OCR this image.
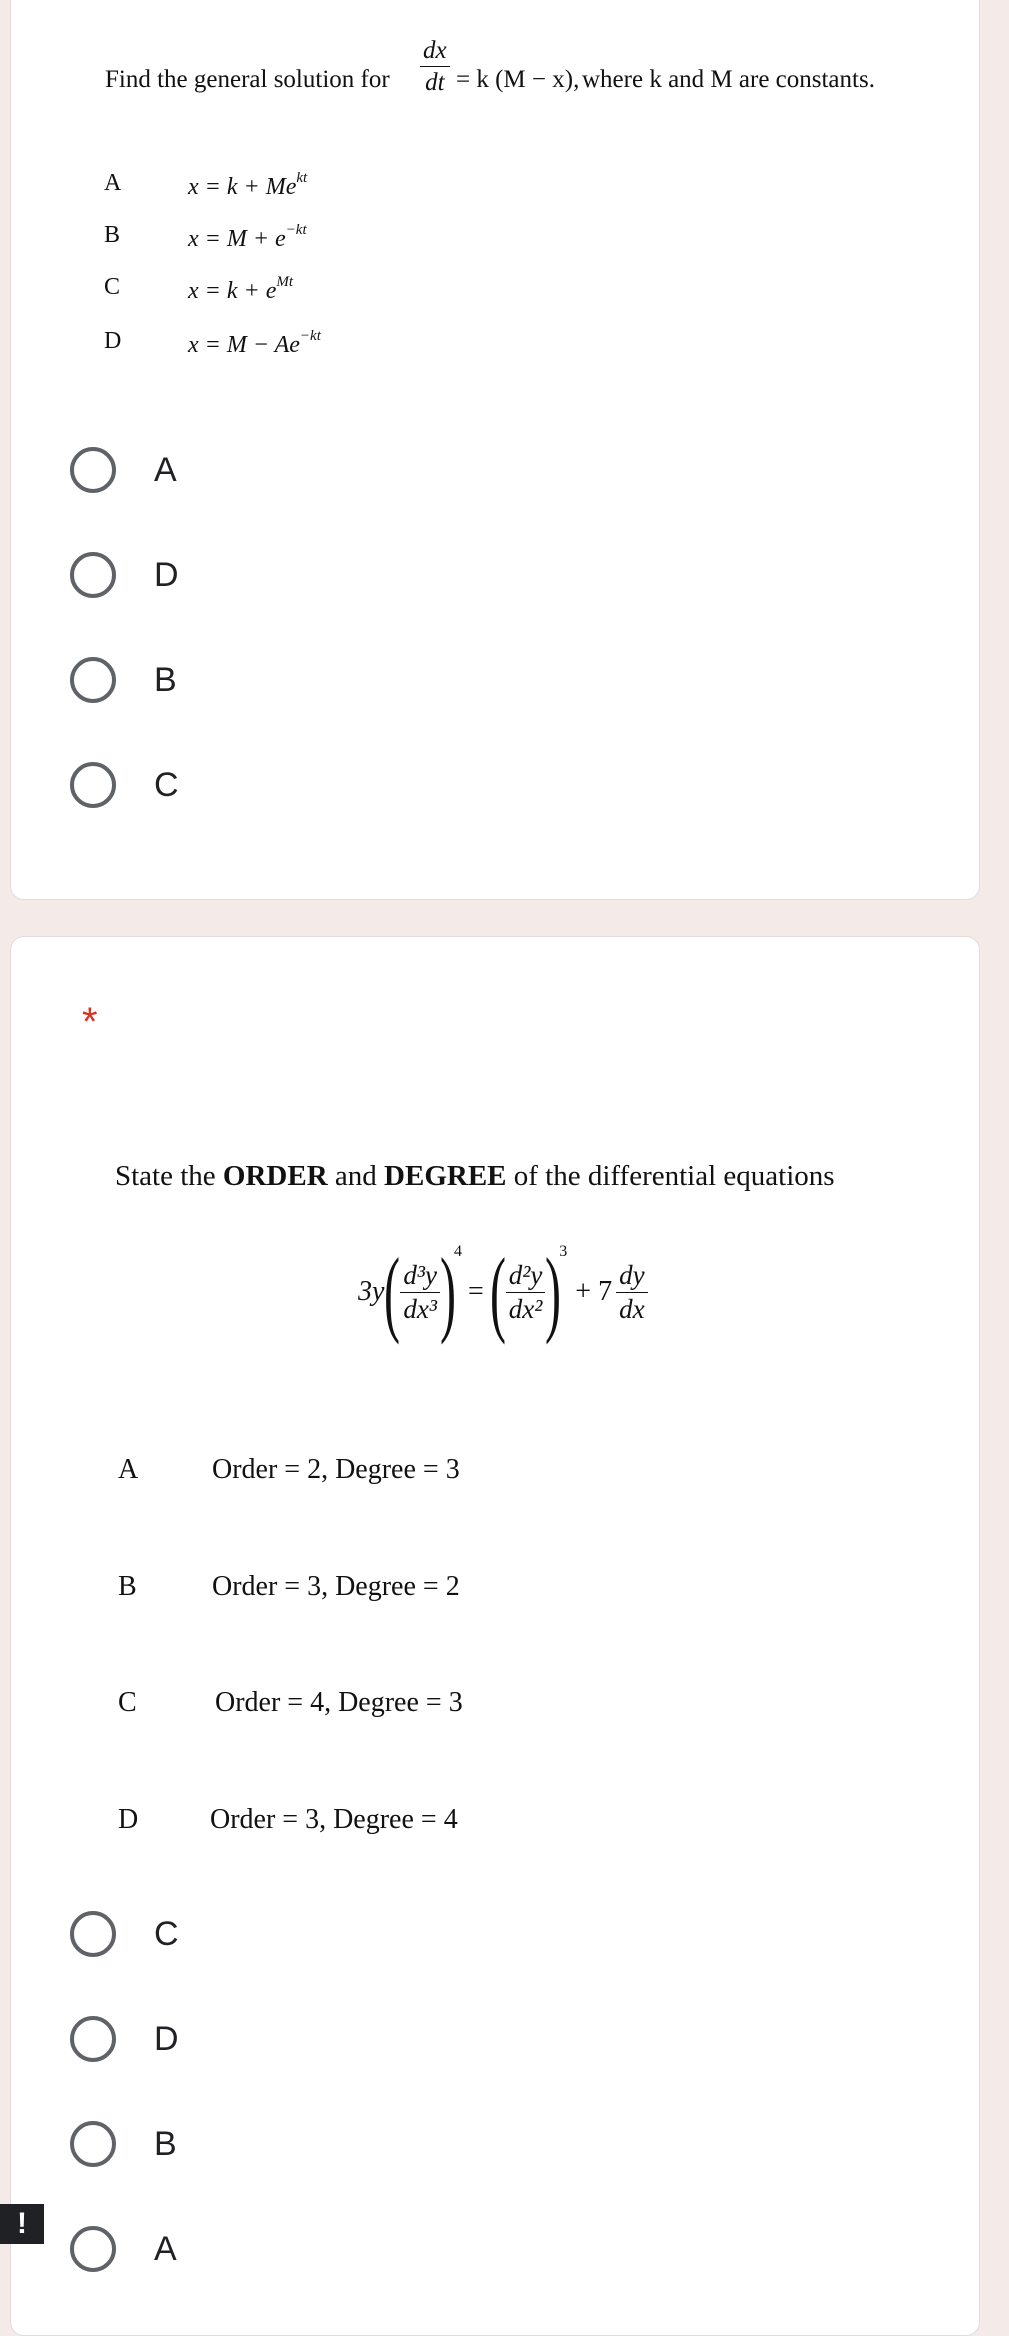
Find the general solution for $\frac{dx}{dt} = k$ (M − x), where k and M are constants.
A	$x = k + Me^{kt}$
B	$x = M + e^{-kt}$
C	$x = k + e^{Mt}$
D	$x = M - Ae^{-kt}$
A
D
B
C
*
State the ORDER and DEGREE of the differential equations
3y ( $\frac{\text{d³y}}{\text{dx³}}$ )
4
= ( $\frac{\text{d²y}}{\text{dx²}}$ )
3
+ $7 \frac{dy}{dx}$
A	Order = 2, Degree = 3
B	Order = 3, Degree = 2
C	Order = 4, Degree = 3
D	Order = 3, Degree = 4
C
D
B
A
!
